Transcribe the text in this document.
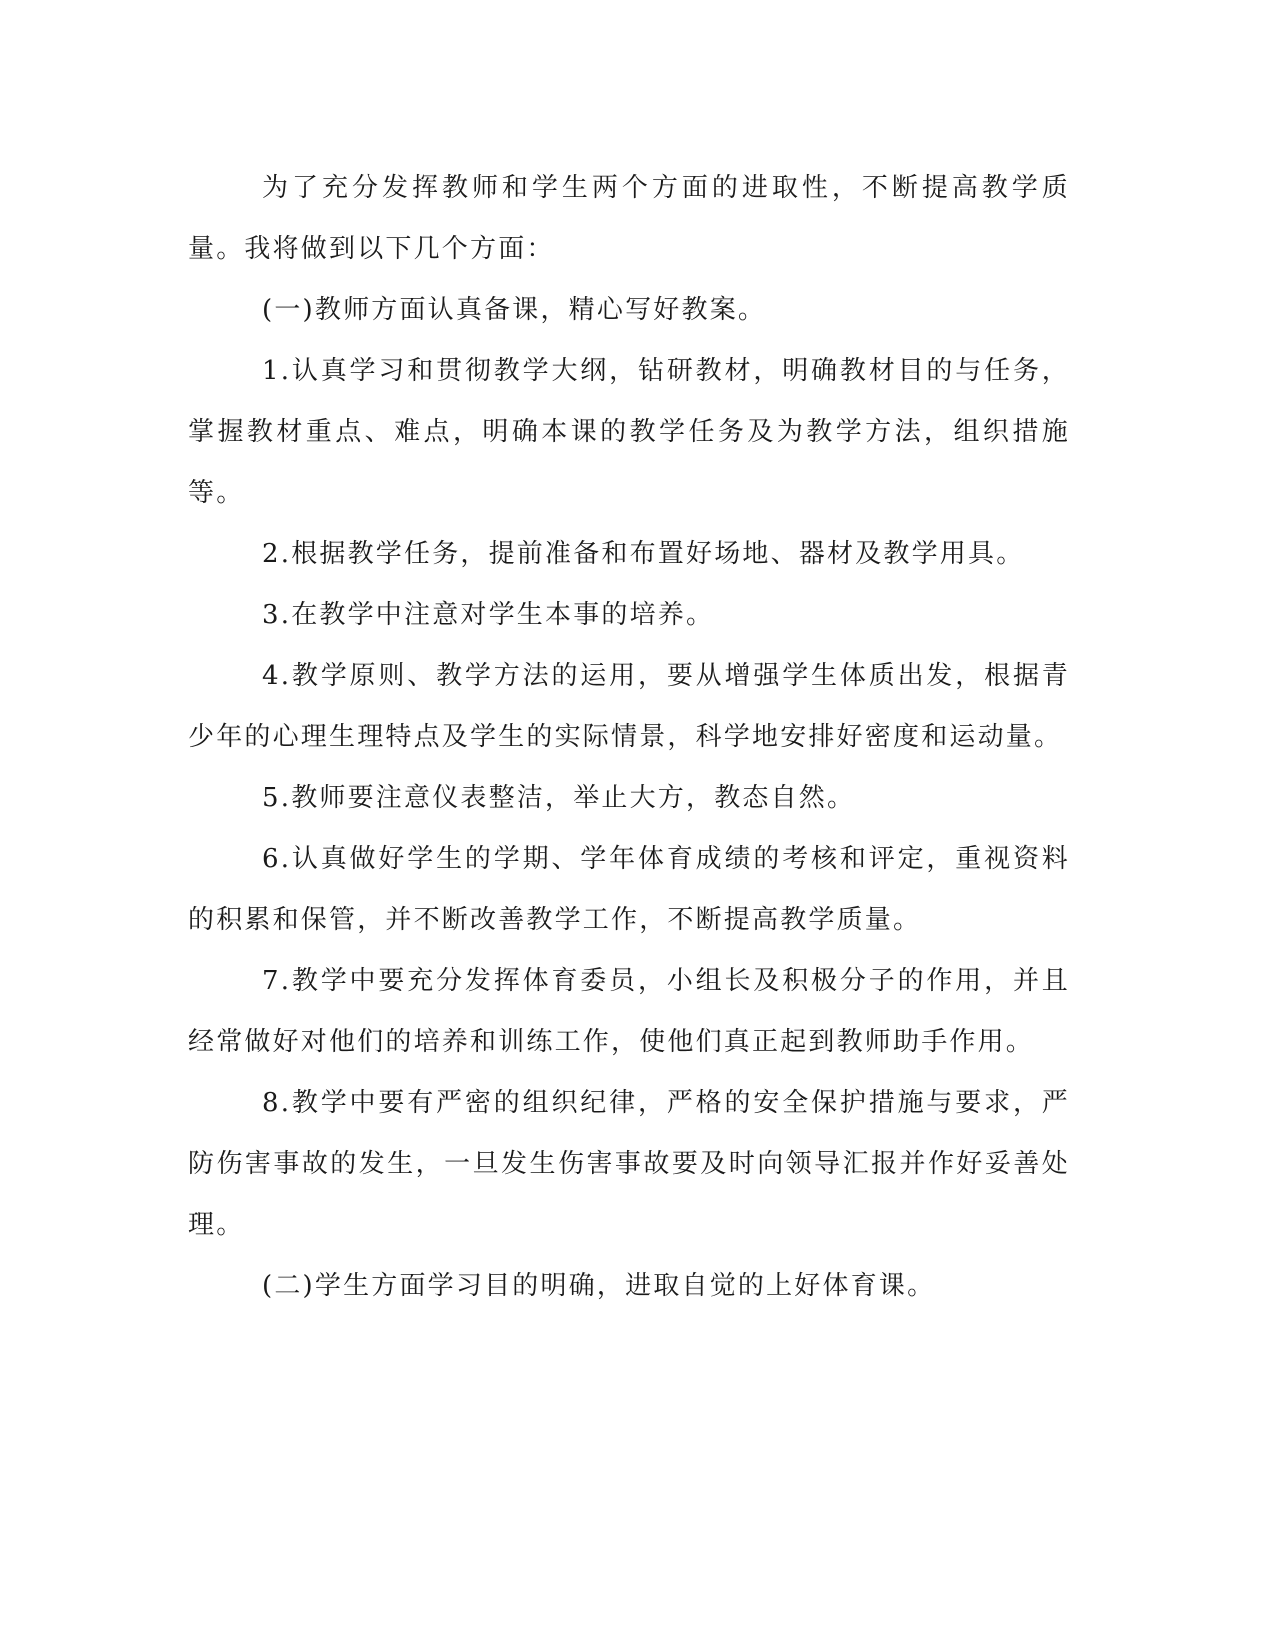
为了充分发挥教师和学生两个方面的进取性，不断提高教学质量。我将做到以下几个方面：

(一)教师方面认真备课，精心写好教案。

1.认真学习和贯彻教学大纲，钻研教材，明确教材目的与任务，掌握教材重点、难点，明确本课的教学任务及为教学方法，组织措施等。

2.根据教学任务，提前准备和布置好场地、器材及教学用具。

3.在教学中注意对学生本事的培养。

4.教学原则、教学方法的运用，要从增强学生体质出发，根据青少年的心理生理特点及学生的实际情景，科学地安排好密度和运动量。

5.教师要注意仪表整洁，举止大方，教态自然。

6.认真做好学生的学期、学年体育成绩的考核和评定，重视资料的积累和保管，并不断改善教学工作，不断提高教学质量。

7.教学中要充分发挥体育委员，小组长及积极分子的作用，并且经常做好对他们的培养和训练工作，使他们真正起到教师助手作用。

8.教学中要有严密的组织纪律，严格的安全保护措施与要求，严防伤害事故的发生，一旦发生伤害事故要及时向领导汇报并作好妥善处理。

(二)学生方面学习目的明确，进取自觉的上好体育课。
